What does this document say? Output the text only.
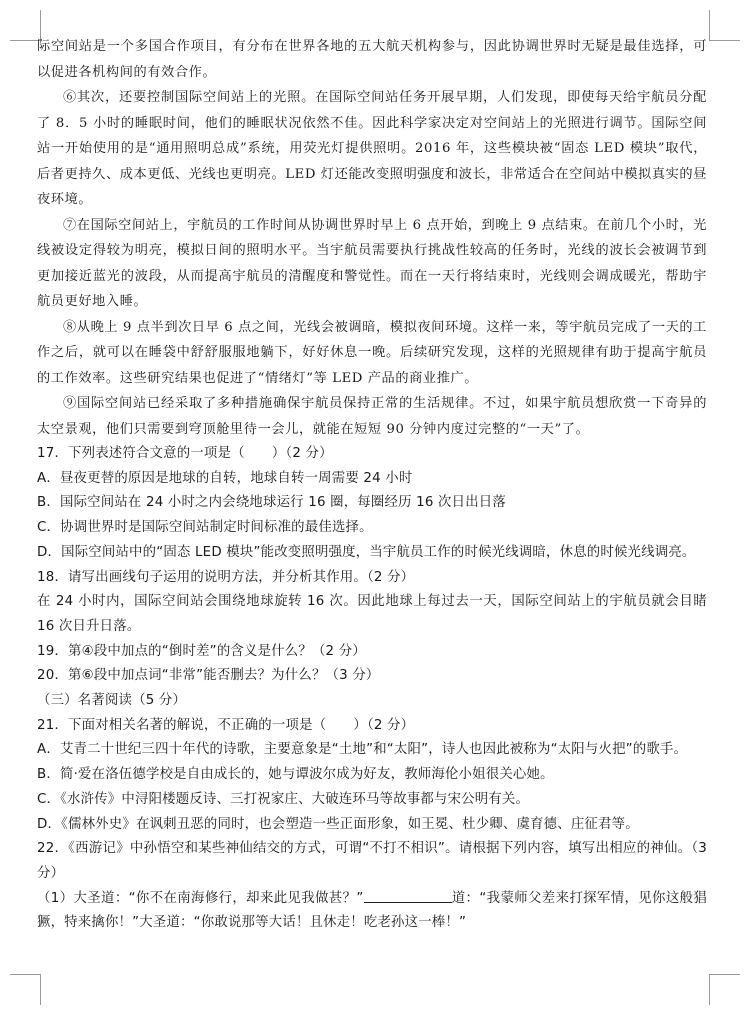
际空间站是一个多国合作项目，有分布在世界各地的五大航天机构参与，因此协调世界时无疑是最佳选择，可以促进各机构间的有效合作。

⑥其次，还要控制国际空间站上的光照。在国际空间站任务开展早期，人们发现，即使每天给宇航员分配了 8．5 小时的睡眠时间，他们的睡眠状况依然不佳。因此科学家决定对空间站上的光照进行调节。国际空间站一开始使用的是“通用照明总成”系统，用荧光灯提供照明。2016 年，这些模块被“固态 LED 模块”取代，后者更持久、成本更低、光线也更明亮。LED 灯还能改变照明强度和波长，非常适合在空间站中模拟真实的昼夜环境。

⑦在国际空间站上，宇航员的工作时间从协调世界时早上 6 点开始，到晚上 9 点结束。在前几个小时，光线被设定得较为明亮，模拟日间的照明水平。当宇航员需要执行挑战性较高的任务时，光线的波长会被调节到更加接近蓝光的波段，从而提高宇航员的清醒度和警觉性。而在一天行将结束时，光线则会调成暖光，帮助宇航员更好地入睡。

⑧从晚上 9 点半到次日早 6 点之间，光线会被调暗，模拟夜间环境。这样一来，等宇航员完成了一天的工作之后，就可以在睡袋中舒舒服服地躺下，好好休息一晚。后续研究发现，这样的光照规律有助于提高宇航员的工作效率。这些研究结果也促进了“情绪灯”等 LED 产品的商业推广。

⑨国际空间站已经采取了多种措施确保宇航员保持正常的生活规律。不过，如果宇航员想欣赏一下奇异的太空景观，他们只需要到穹顶舱里待一会儿，就能在短短 90 分钟内度过完整的“一天”了。

17．下列表述符合文意的一项是（　　）（2 分）

A．昼夜更替的原因是地球的自转，地球自转一周需要 24 小时

B．国际空间站在 24 小时之内会绕地球运行 16 圈，每圈经历 16 次日出日落

C．协调世界时是国际空间站制定时间标准的最佳选择。

D．国际空间站中的“固态 LED 模块”能改变照明强度，当宇航员工作的时候光线调暗，休息的时候光线调亮。

18．请写出画线句子运用的说明方法，并分析其作用。（2 分）

在 24 小时内，国际空间站会围绕地球旋转 16 次。因此地球上每过去一天，国际空间站上的宇航员就会目睹 16 次日升日落。

19．第④段中加点的“倒时差”的含义是什么？（2 分）

20．第⑥段中加点词“非常”能否删去？为什么？（3 分）

（三）名著阅读（5 分）

21．下面对相关名著的解说，不正确的一项是（　　）（2 分）

A．艾青二十世纪三四十年代的诗歌，主要意象是“土地”和“太阳”，诗人也因此被称为“太阳与火把”的歌手。

B．简·爱在洛伍德学校是自由成长的，她与谭波尔成为好友，教师海伦小姐很关心她。

C．《水浒传》中浔阳楼题反诗、三打祝家庄、大破连环马等故事都与宋公明有关。

D．《儒林外史》在讽刺丑恶的同时，也会塑造一些正面形象，如王冕、杜少卿、虞育德、庄征君等。

22．《西游记》中孙悟空和某些神仙结交的方式，可谓“不打不相识”。请根据下列内容，填写出相应的神仙。（3 分）

（1）大圣道：“你不在南海修行，却来此见我做甚？”	道：“我蒙师父差来打探军情，见你这般猖獗，特来擒你！”大圣道：“你敢说那等大话！且休走！吃老孙这一棒！”
